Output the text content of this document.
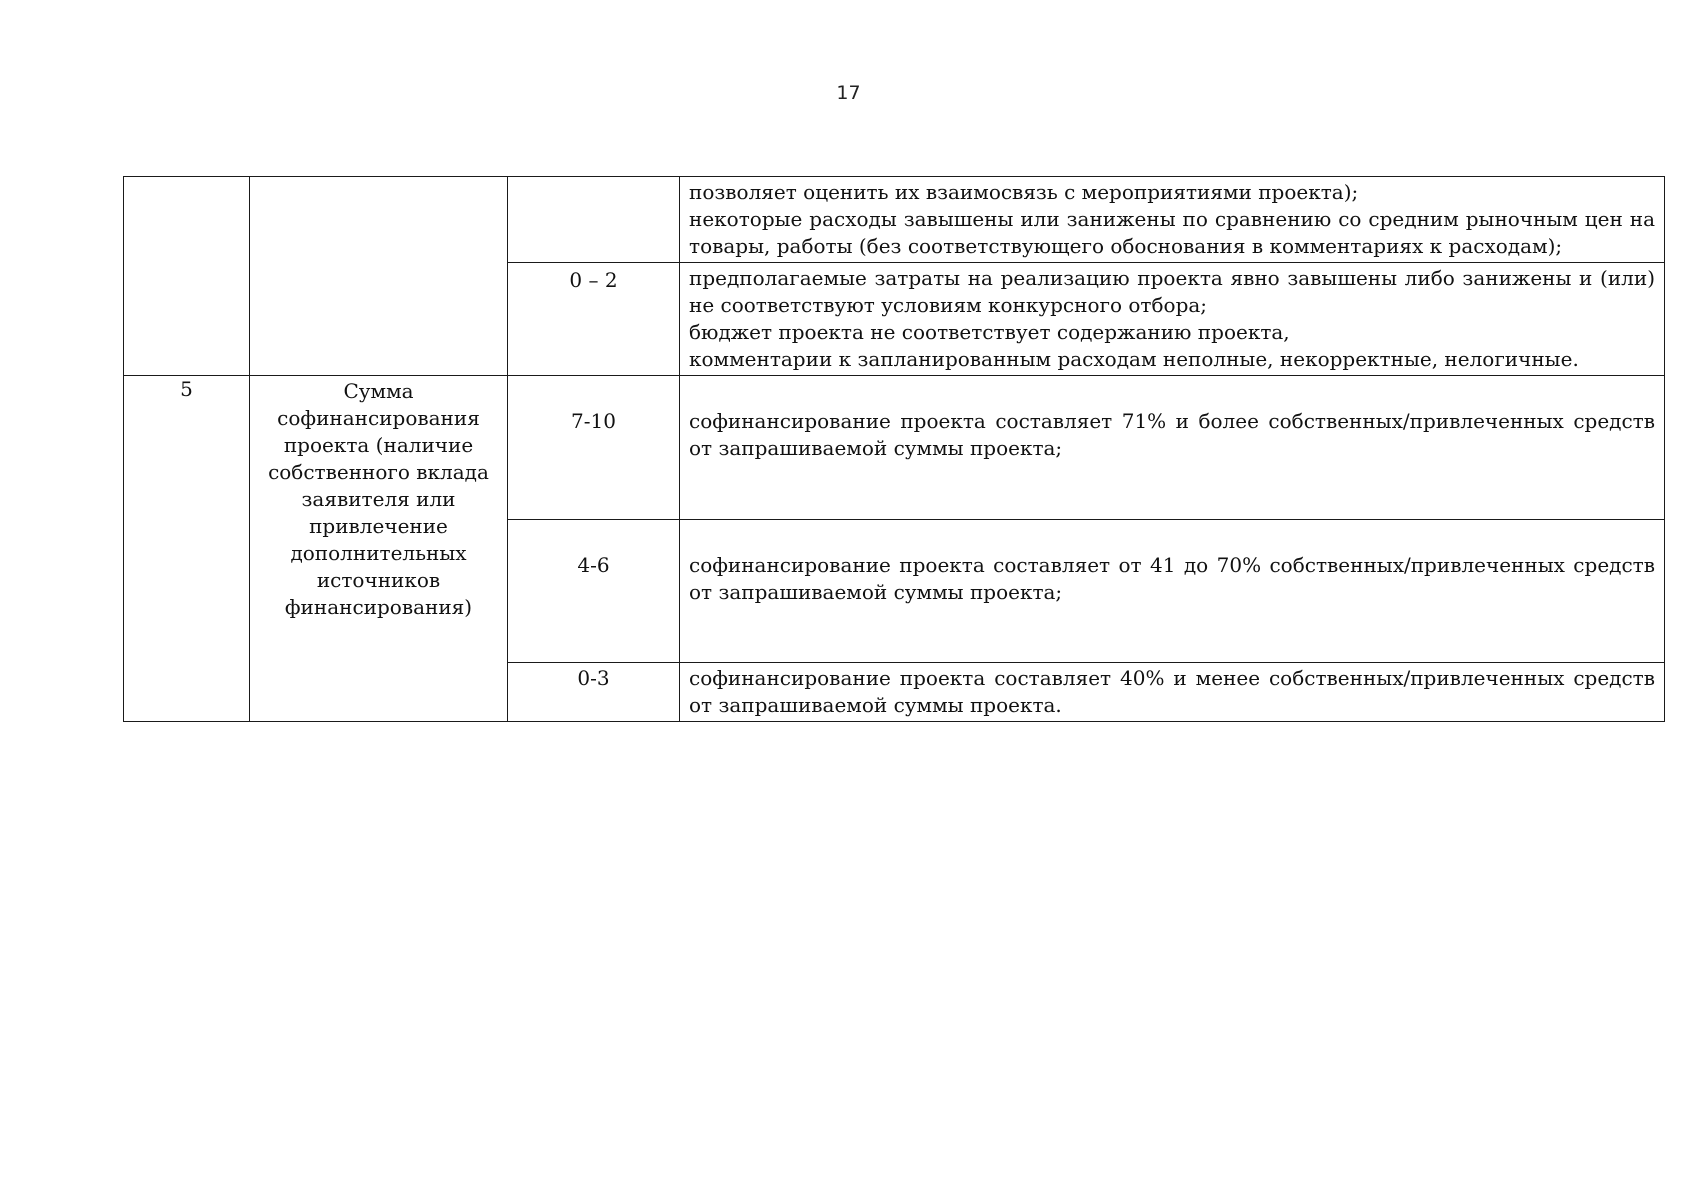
17

			позволяет оценить их взаимосвязь с мероприятиями проекта);
некоторые расходы завышены или занижены по сравнению со средним рыночным цен на товары, работы (без соответствующего обоснования в комментариях к расходам);

		0 – 2	предполагаемые затраты на реализацию проекта явно завышены либо занижены и (или) не соответствуют условиям конкурсного отбора;
бюджет проекта не соответствует содержанию проекта,
комментарии к запланированным расходам неполные, некорректные, нелогичные.

5	Сумма софинансирования проекта (наличие собственного вклада заявителя или привлечение дополнительных источников финансирования)	7-10	софинансирование проекта составляет 71% и более собственных/привлеченных средств от запрашиваемой суммы проекта;

		4-6	софинансирование проекта составляет от 41 до 70% собственных/привлеченных средств от запрашиваемой суммы проекта;

		0-3	софинансирование проекта составляет 40% и менее собственных/привлеченных средств от запрашиваемой суммы проекта.
